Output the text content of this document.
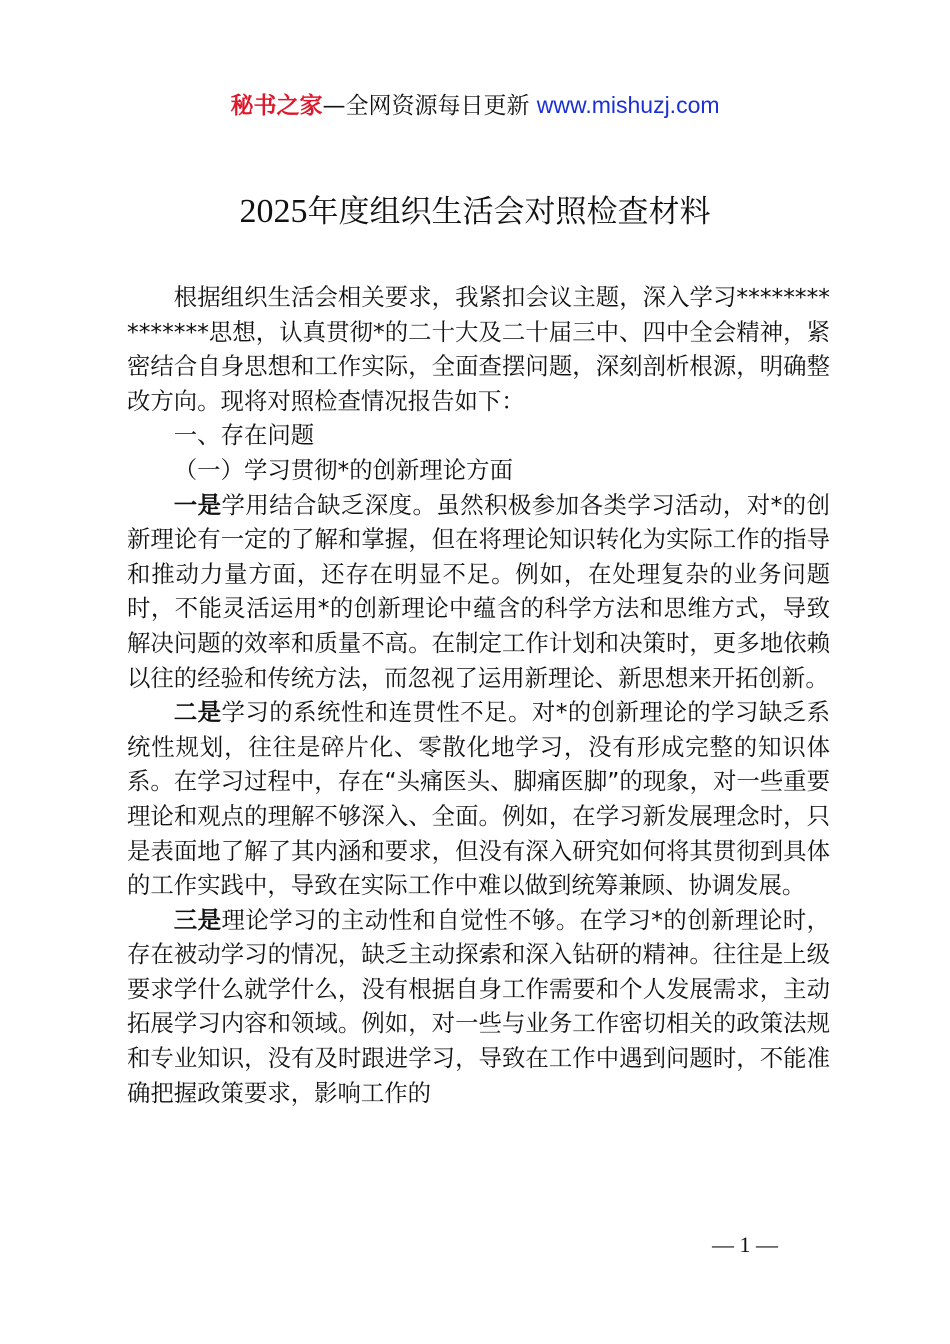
秘书之家—全网资源每日更新 www.mishuzj.com
2025年度组织生活会对照检查材料

根据组织生活会相关要求，我紧扣会议主题，深入学习***************思想，认真贯彻*的二十大及二十届三中、四中全会精神，紧密结合自身思想和工作实际，全面查摆问题，深刻剖析根源，明确整改方向。现将对照检查情况报告如下：

一、存在问题

（一）学习贯彻*的创新理论方面

一是学用结合缺乏深度。虽然积极参加各类学习活动，对*的创新理论有一定的了解和掌握，但在将理论知识转化为实际工作的指导和推动力量方面，还存在明显不足。例如，在处理复杂的业务问题时，不能灵活运用*的创新理论中蕴含的科学方法和思维方式，导致解决问题的效率和质量不高。在制定工作计划和决策时，更多地依赖以往的经验和传统方法，而忽视了运用新理论、新思想来开拓创新。

二是学习的系统性和连贯性不足。对*的创新理论的学习缺乏系统性规划，往往是碎片化、零散化地学习，没有形成完整的知识体系。在学习过程中，存在“头痛医头、脚痛医脚”的现象，对一些重要理论和观点的理解不够深入、全面。例如，在学习新发展理念时，只是表面地了解了其内涵和要求，但没有深入研究如何将其贯彻到具体的工作实践中，导致在实际工作中难以做到统筹兼顾、协调发展。

三是理论学习的主动性和自觉性不够。在学习*的创新理论时，存在被动学习的情况，缺乏主动探索和深入钻研的精神。往往是上级要求学什么就学什么，没有根据自身工作需要和个人发展需求，主动拓展学习内容和领域。例如，对一些与业务工作密切相关的政策法规和专业知识，没有及时跟进学习，导致在工作中遇到问题时，不能准确把握政策要求，影响工作的

— 1 —
